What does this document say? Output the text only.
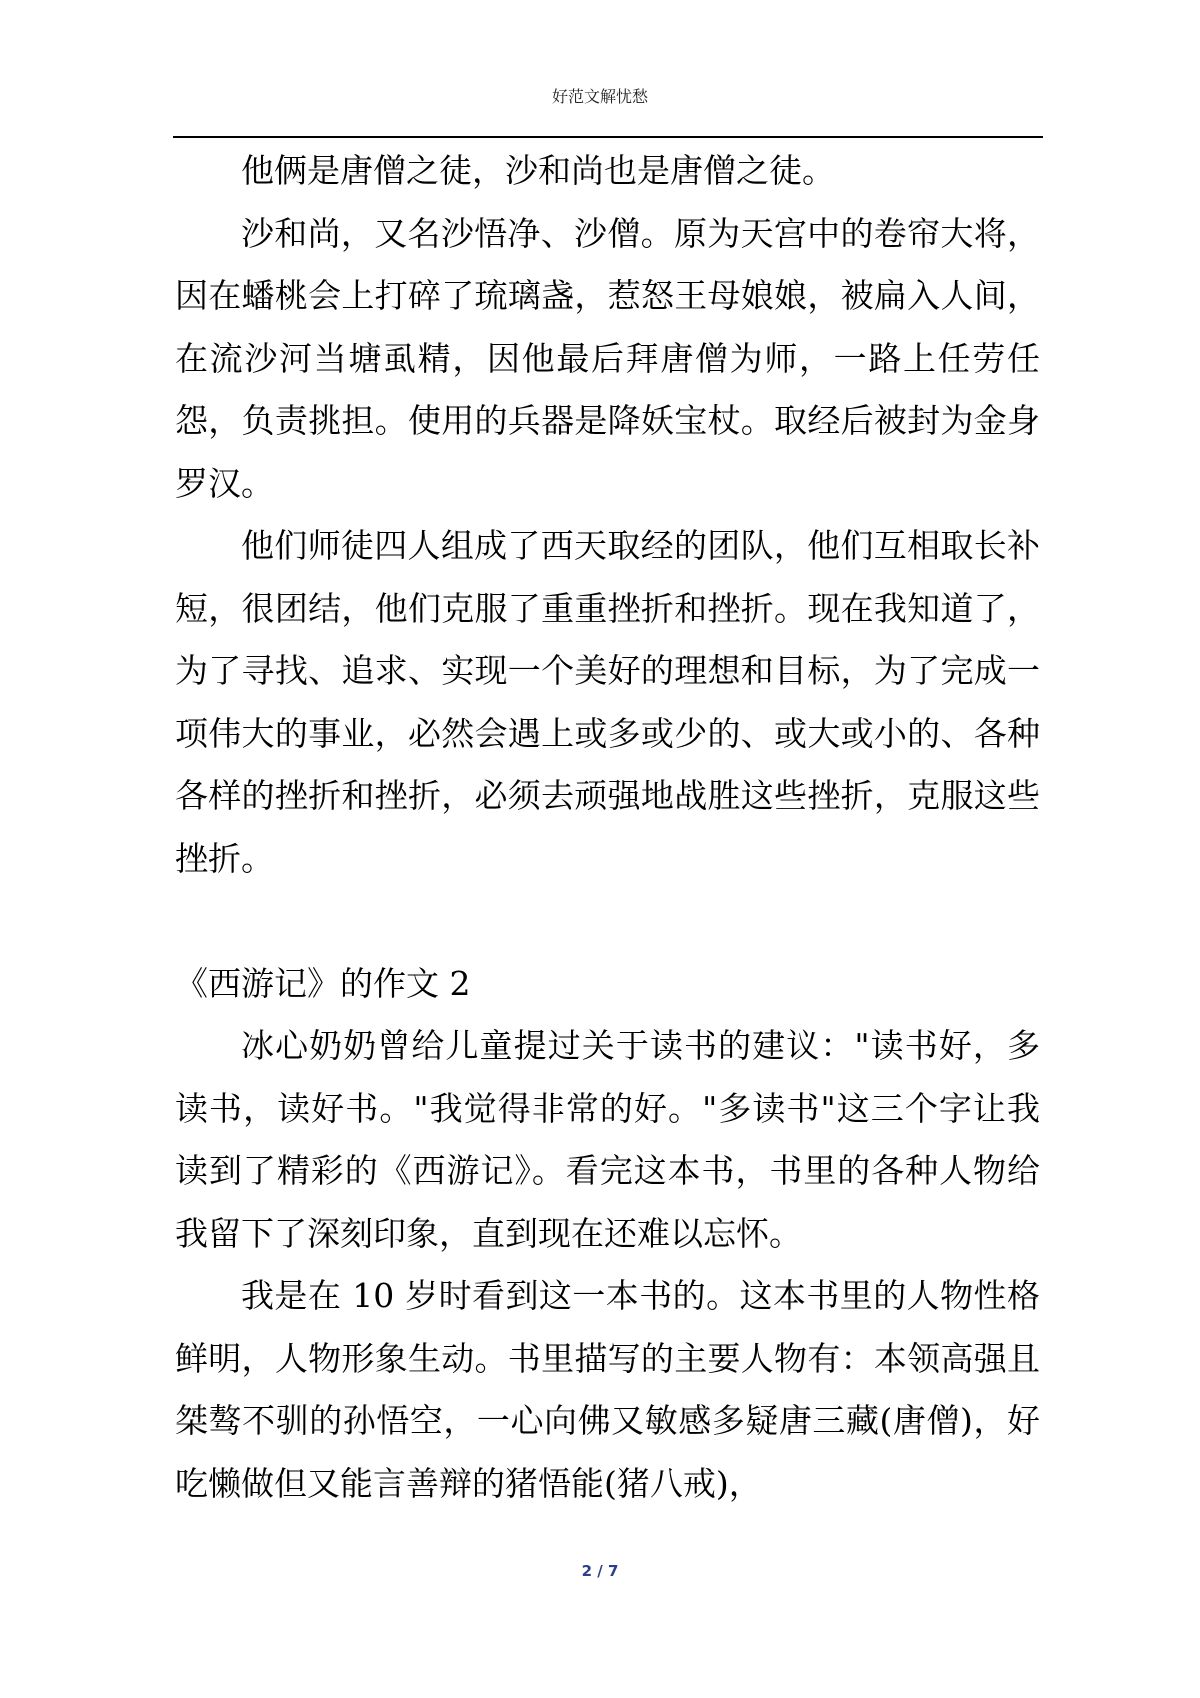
好范文解忧愁

他俩是唐僧之徒，沙和尚也是唐僧之徒。

沙和尚，又名沙悟净、沙僧。原为天宫中的卷帘大将，因在蟠桃会上打碎了琉璃盏，惹怒王母娘娘，被扁入人间，在流沙河当塘虱精，因他最后拜唐僧为师，一路上任劳任怨，负责挑担。使用的兵器是降妖宝杖。取经后被封为金身罗汉。

他们师徒四人组成了西天取经的团队，他们互相取长补短，很团结，他们克服了重重挫折和挫折。现在我知道了，为了寻找、追求、实现一个美好的理想和目标，为了完成一项伟大的事业，必然会遇上或多或少的、或大或小的、各种各样的挫折和挫折，必须去顽强地战胜这些挫折，克服这些挫折。

《西游记》的作文 2

冰心奶奶曾给儿童提过关于读书的建议："读书好，多读书，读好书。"我觉得非常的好。"多读书"这三个字让我读到了精彩的《西游记》。看完这本书，书里的各种人物给我留下了深刻印象，直到现在还难以忘怀。

我是在 10 岁时看到这一本书的。这本书里的人物性格鲜明，人物形象生动。书里描写的主要人物有：本领高强且桀骜不驯的孙悟空，一心向佛又敏感多疑唐三藏(唐僧)，好吃懒做但又能言善辩的猪悟能(猪八戒)，

2 / 7
